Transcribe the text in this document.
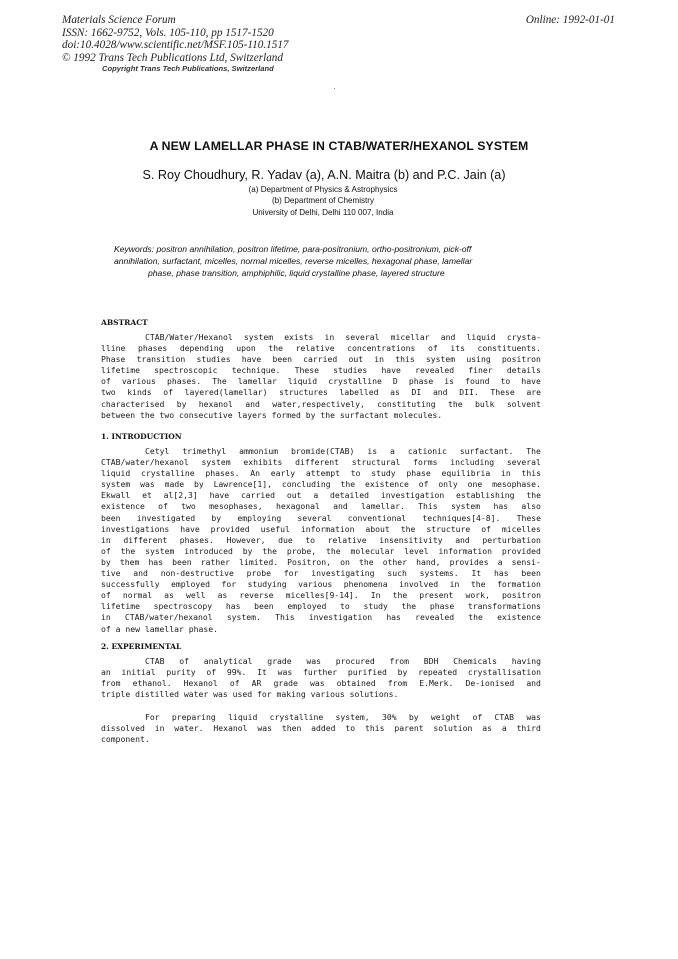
Materials Science Forum
ISSN: 1662-9752, Vols. 105-110, pp 1517-1520
doi:10.4028/www.scientific.net/MSF.105-110.1517
© 1992 Trans Tech Publications Ltd, Switzerland
Online: 1992-01-01
Copyright Trans Tech Publications, Switzerland
A NEW LAMELLAR PHASE IN CTAB/WATER/HEXANOL SYSTEM
S. Roy Choudhury, R. Yadav (a), A.N. Maitra (b) and P.C. Jain (a)
(a) Department of Physics & Astrophysics
(b) Department of Chemistry
University of Delhi, Delhi 110 007, India
Keywords: positron annihilation, positron lifetime, para-positronium, ortho-positronium, pick-off
annihilation, surfactant, micelles, normal micelles, reverse micelles, hexagonal phase, lamellar
phase, phase transition, amphiphilic, liquid crystalline phase, layered structure
ABSTRACT
CTAB/Water/Hexanol system exists in several micellar and liquid crysta-
lline phases depending upon the relative concentrations of its constituents.
Phase transition studies have been carried out in this system using positron
lifetime spectroscopic technique. These studies have revealed finer details
of various phases. The lamellar liquid crystalline D phase is found to have
two kinds of layered(lamellar) structures labelled as DI and DII. These are
characterised by hexanol and water,respectively, constituting the bulk solvent
between the two consecutive layers formed by the surfactant molecules.
1. INTRODUCTION
Cetyl trimethyl ammonium bromide(CTAB) is a cationic surfactant. The
CTAB/water/hexanol system exhibits different structural forms including several
liquid crystalline phases. An early attempt to study phase equilibria in this
system was made by Lawrence[1], concluding the existence of only one mesophase.
Ekwall et al[2,3] have carried out a detailed investigation establishing the
existence of two mesophases, hexagonal and lamellar. This system has also
been investigated by employing several conventional techniques[4-8]. These
investigations have provided useful information about the structure of micelles
in different phases. However, due to relative insensitivity and perturbation
of the system introduced by the probe, the molecular level information provided
by them has been rather limited. Positron, on the other hand, provides a sensi-
tive and non-destructive probe for investigating such systems. It has been
successfully employed for studying various phenomena involved in the formation
of normal as well as reverse micelles[9-14]. In the present work, positron
lifetime spectroscopy has been employed to study the phase transformations
in CTAB/water/hexanol system. This investigation has revealed the existence
of a new lamellar phase.
2. EXPERIMENTAL
CTAB of analytical grade was procured from BDH Chemicals having
an initial purity of 99%. It was further purified by repeated crystallisation
from ethanol. Hexanol of AR grade was obtained from E.Merk. De-ionised and
triple distilled water was used for making various solutions.
For preparing liquid crystalline system, 30% by weight of CTAB was
dissolved in water. Hexanol was then added to this parent solution as a third
component.
